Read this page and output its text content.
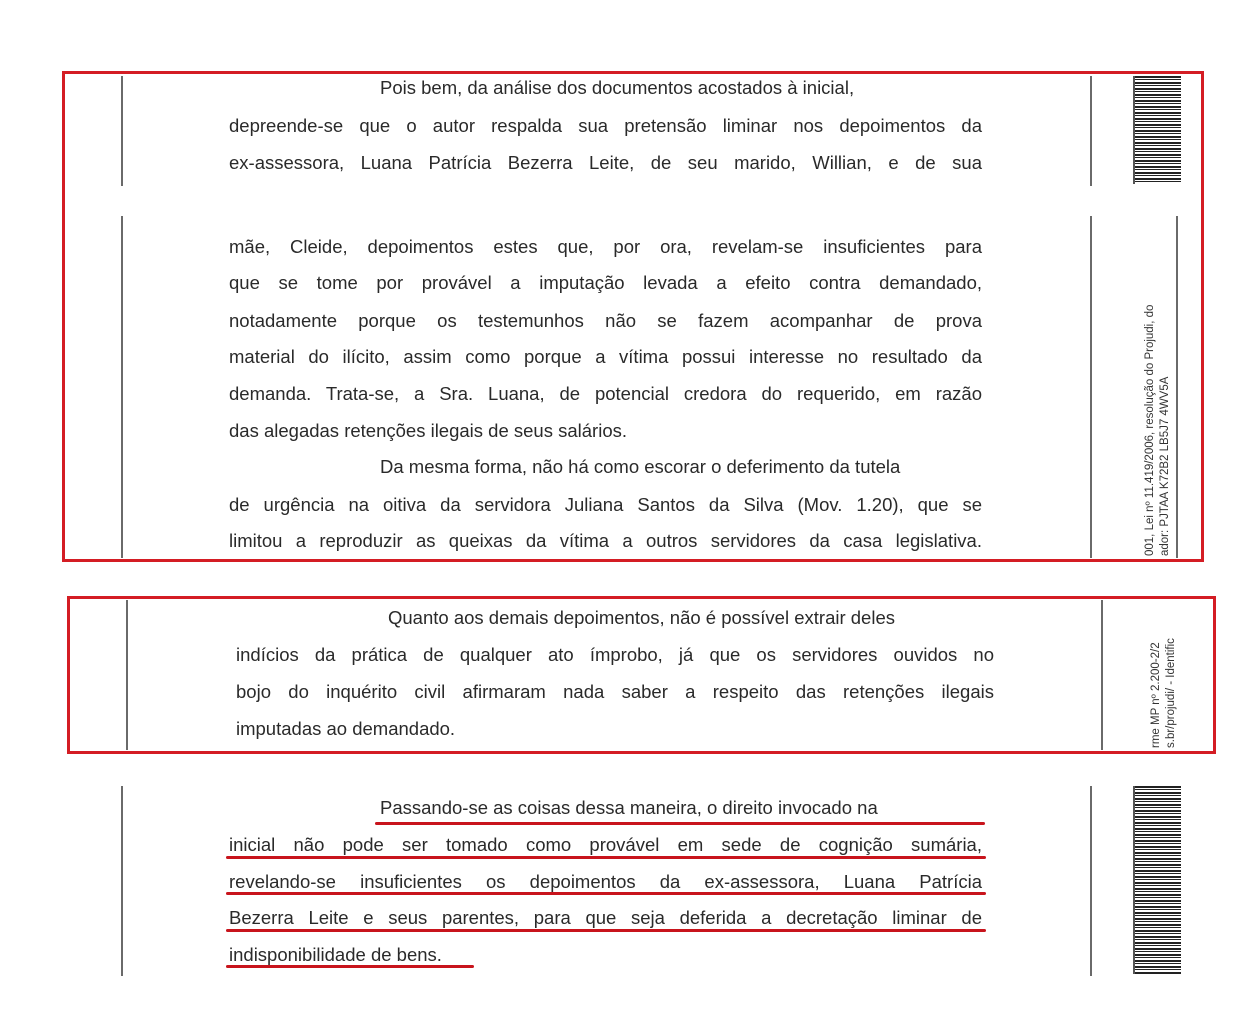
001, Lei nº 11.419/2006, resolução do Projudi, do ador: PJTAA K72B2 LB5J7 4WV5A
rme MP nº 2.200-2/2 s.br/projudi/ - Identific
Pois bem, da análise dos documentos acostados à inicial,
depreende-se que o autor respalda sua pretensão liminar nos depoimentos da
ex-assessora, Luana Patrícia Bezerra Leite, de seu marido, Willian, e de sua
mãe, Cleide, depoimentos estes que, por ora, revelam-se insuficientes para
que se tome por provável a imputação levada a efeito contra demandado,
notadamente porque os testemunhos não se fazem acompanhar de prova
material do ilícito, assim como porque a vítima possui interesse no resultado da
demanda. Trata-se, a Sra. Luana, de potencial credora do requerido, em razão
das alegadas retenções ilegais de seus salários.
Da mesma forma, não há como escorar o deferimento da tutela
de urgência na oitiva da servidora Juliana Santos da Silva (Mov. 1.20), que se
limitou a reproduzir as queixas da vítima a outros servidores da casa legislativa.
Quanto aos demais depoimentos, não é possível extrair deles
indícios da prática de qualquer ato ímprobo, já que os servidores ouvidos no
bojo do inquérito civil afirmaram nada saber a respeito das retenções ilegais
imputadas ao demandado.
Passando-se as coisas dessa maneira, o direito invocado na
inicial não pode ser tomado como provável em sede de cognição sumária,
revelando-se insuficientes os depoimentos da ex-assessora, Luana Patrícia
Bezerra Leite e seus parentes, para que seja deferida a decretação liminar de
indisponibilidade de bens.
